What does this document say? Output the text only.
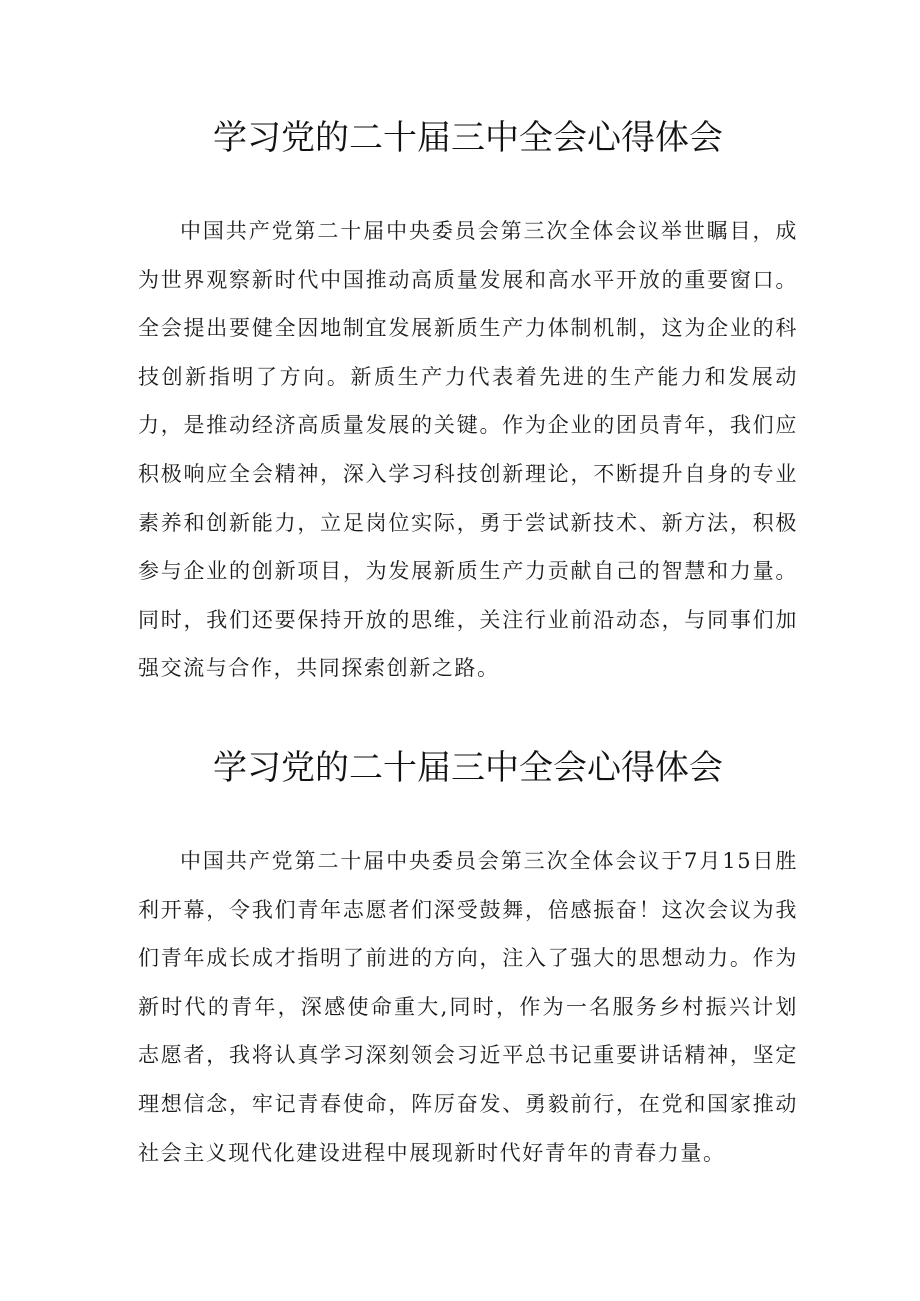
学习党的二十届三中全会心得体会

中国共产党第二十届中央委员会第三次全体会议举世瞩目，成为世界观察新时代中国推动高质量发展和高水平开放的重要窗口。全会提出要健全因地制宜发展新质生产力体制机制，这为企业的科技创新指明了方向。新质生产力代表着先进的生产能力和发展动力，是推动经济高质量发展的关键。作为企业的团员青年，我们应积极响应全会精神，深入学习科技创新理论，不断提升自身的专业素养和创新能力，立足岗位实际，勇于尝试新技术、新方法，积极参与企业的创新项目，为发展新质生产力贡献自己的智慧和力量。同时，我们还要保持开放的思维，关注行业前沿动态，与同事们加强交流与合作，共同探索创新之路。

学习党的二十届三中全会心得体会

中国共产党第二十届中央委员会第三次全体会议于7月15日胜利开幕，令我们青年志愿者们深受鼓舞，倍感振奋！这次会议为我们青年成长成才指明了前进的方向，注入了强大的思想动力。作为新时代的青年，深感使命重大,同时，作为一名服务乡村振兴计划志愿者，我将认真学习深刻领会习近平总书记重要讲话精神，坚定理想信念，牢记青春使命，阵厉奋发、勇毅前行，在党和国家推动社会主义现代化建设进程中展现新时代好青年的青春力量。
